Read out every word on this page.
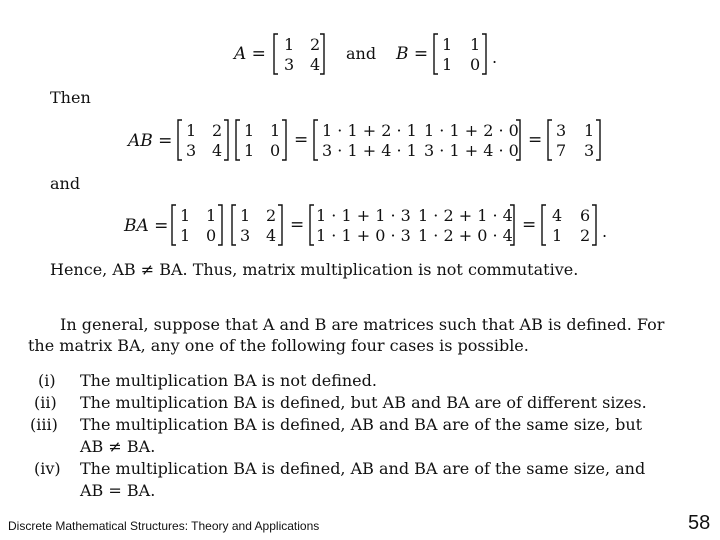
A = 1 2
3 4
and B = 1 1
1 0 .
Then
AB =
1 2
3 4
1 1
1 0
= 1 · 1 + 2 · 1 1 · 1 + 2 · 0
3 · 1 + 4 · 1 3 · 1 + 4 · 0
= 3 1
7 3
and
BA =
1 1
1 0
1 2
3 4
= 1 · 1 + 1 · 3 1 · 2 + 1 · 4
1 · 1 + 0 · 3 1 · 2 + 0 · 4
= 4 6
1 2 .
Hence, AB ≠ BA. Thus, matrix multiplication is not commutative.
In general, suppose that A and B are matrices such that AB is defined. For
the matrix BA, any one of the following four cases is possible.
(i) The multiplication BA is not defined.
(ii) The multiplication BA is defined, but AB and BA are of different sizes.
(iii) The multiplication BA is defined, AB and BA are of the same size, but
AB ≠ BA.
(iv) The multiplication BA is defined, AB and BA are of the same size, and
AB = BA.
Discrete Mathematical Structures: Theory and Applications	58
